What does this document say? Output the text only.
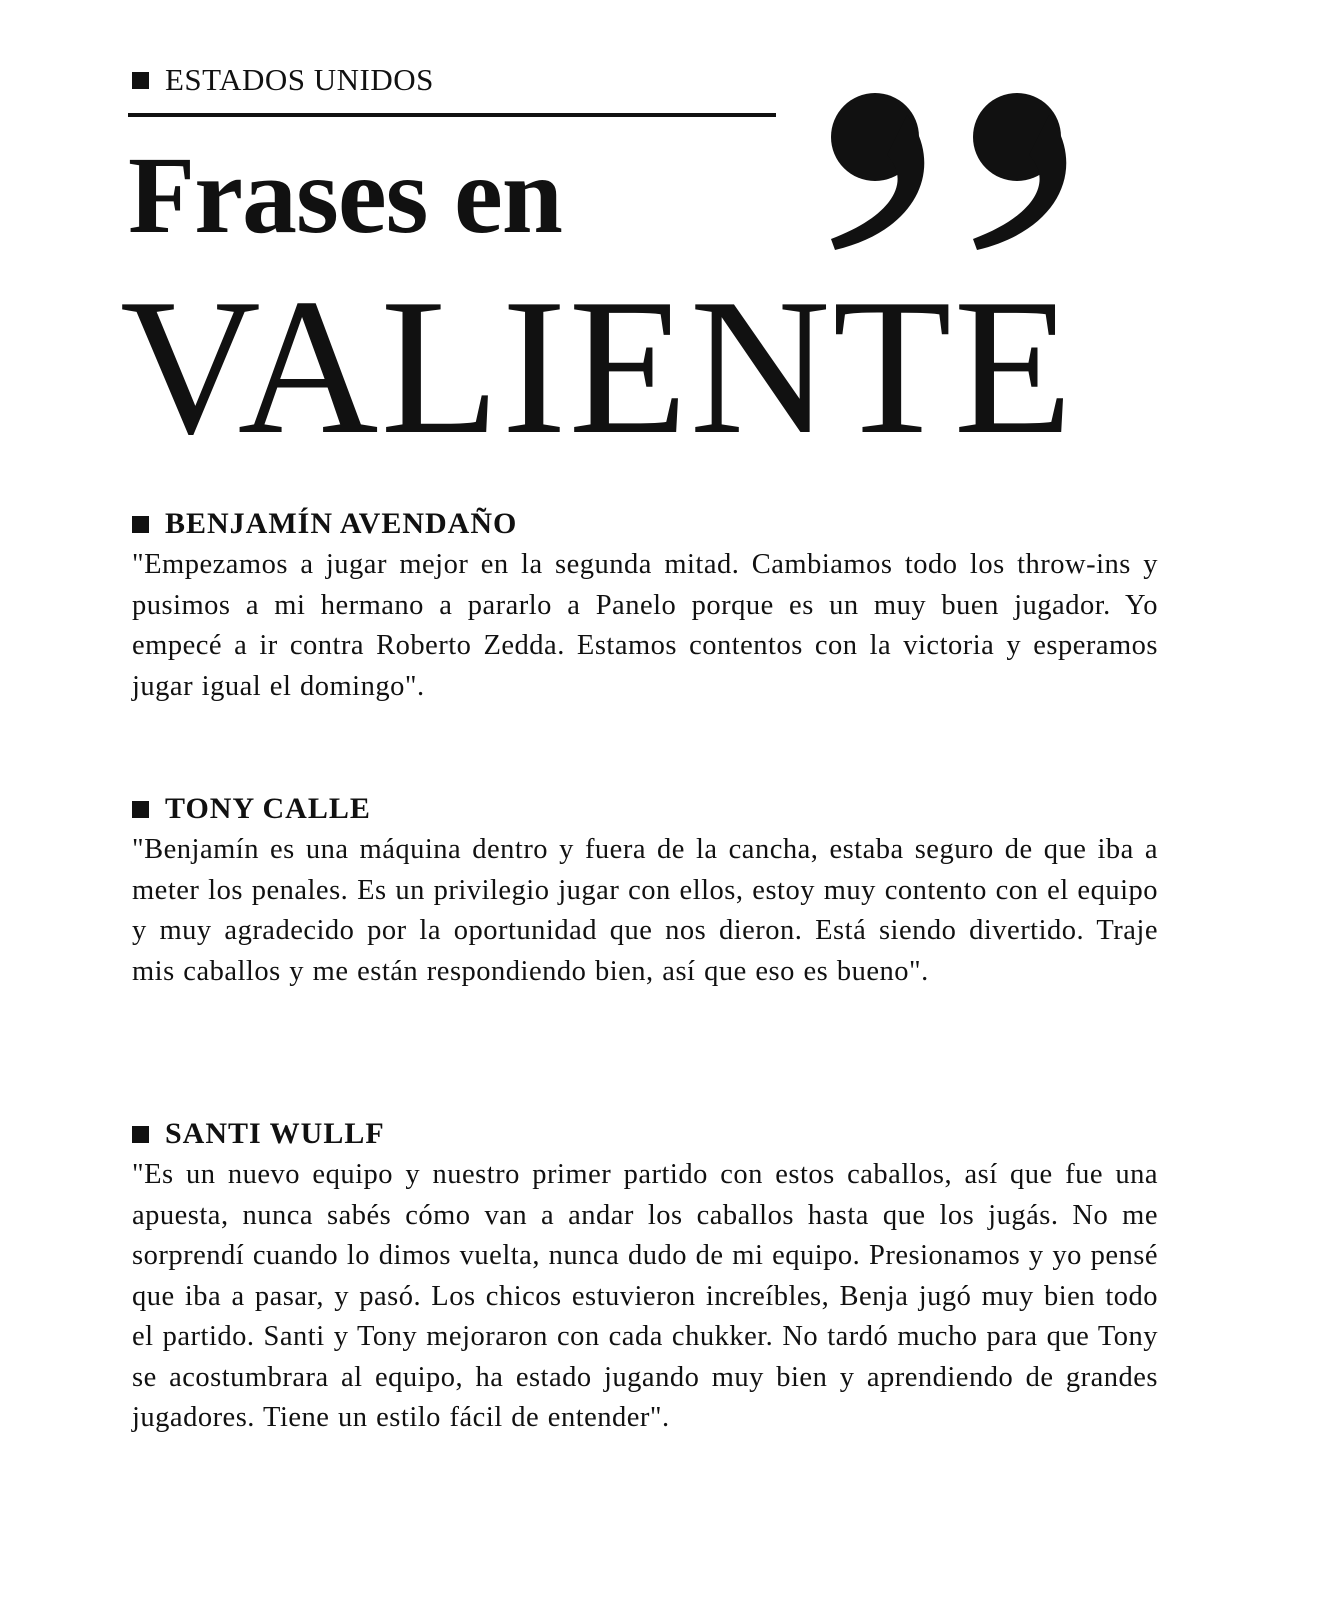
ESTADOS UNIDOS
Frases en
VALIENTE
BENJAMÍN AVENDAÑO

"Empezamos a jugar mejor en la segunda mitad. Cambiamos todo los throw-ins y pusimos a mi hermano a pararlo a Panelo porque es un muy buen jugador. Yo empecé a ir contra Roberto Zedda. Estamos contentos con la victoria y esperamos jugar igual el domingo".

TONY CALLE

"Benjamín es una máquina dentro y fuera de la cancha, estaba seguro de que iba a meter los penales. Es un privilegio jugar con ellos, estoy muy contento con el equipo y muy agradecido por la oportunidad que nos dieron. Está siendo divertido. Traje mis caballos y me están respondiendo bien, así que eso es bueno".

SANTI WULLF

"Es un nuevo equipo y nuestro primer partido con estos caballos, así que fue una apuesta, nunca sabés cómo van a andar los caballos hasta que los jugás. No me sorprendí cuando lo dimos vuelta, nunca dudo de mi equipo. Presionamos y yo pensé que iba a pasar, y pasó. Los chicos estuvieron increíbles, Benja jugó muy bien todo el partido. Santi y Tony mejoraron con cada chukker. No tardó mucho para que Tony se acostumbrara al equipo, ha estado jugando muy bien y aprendiendo de grandes jugadores. Tiene un estilo fácil de entender".
